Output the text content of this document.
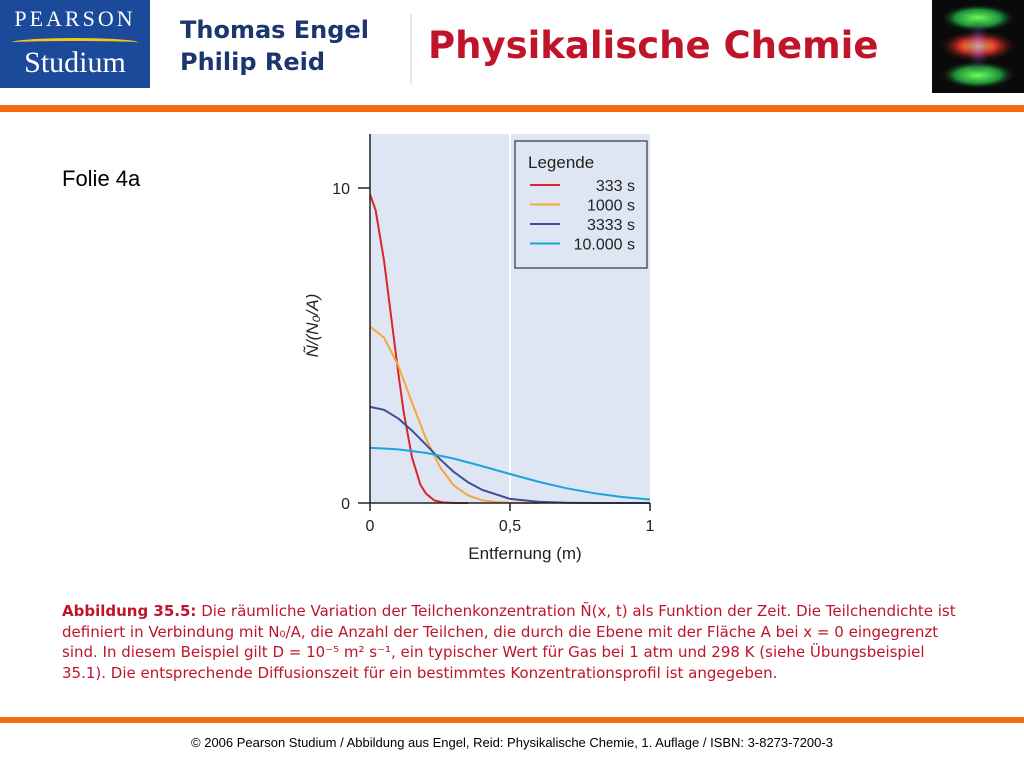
PEARSON
Studium
Thomas Engel
Philip Reid	Physikalische Chemie
Folie 4a
0	0,5	1
0
10
Entfernung (m)
Ñ/(N₀/A)
Legende
333 s
1000 s
3333 s
10.000 s
Abbildung 35.5: Die räumliche Variation der Teilchenkonzentration Ñ(x, t) als Funktion der Zeit. Die Teilchendichte ist definiert in Verbindung mit N₀/A, die Anzahl der Teilchen, die durch die Ebene mit der Fläche A bei x = 0 eingegrenzt sind. In diesem Beispiel gilt D = 10⁻⁵ m² s⁻¹, ein typischer Wert für Gas bei 1 atm und 298 K (siehe Übungsbeispiel 35.1). Die entsprechende Diffusionszeit für ein bestimmtes Konzentrationsprofil ist angegeben.
© 2006 Pearson Studium / Abbildung aus Engel, Reid: Physikalische Chemie, 1. Auflage / ISBN: 3-8273-7200-3
